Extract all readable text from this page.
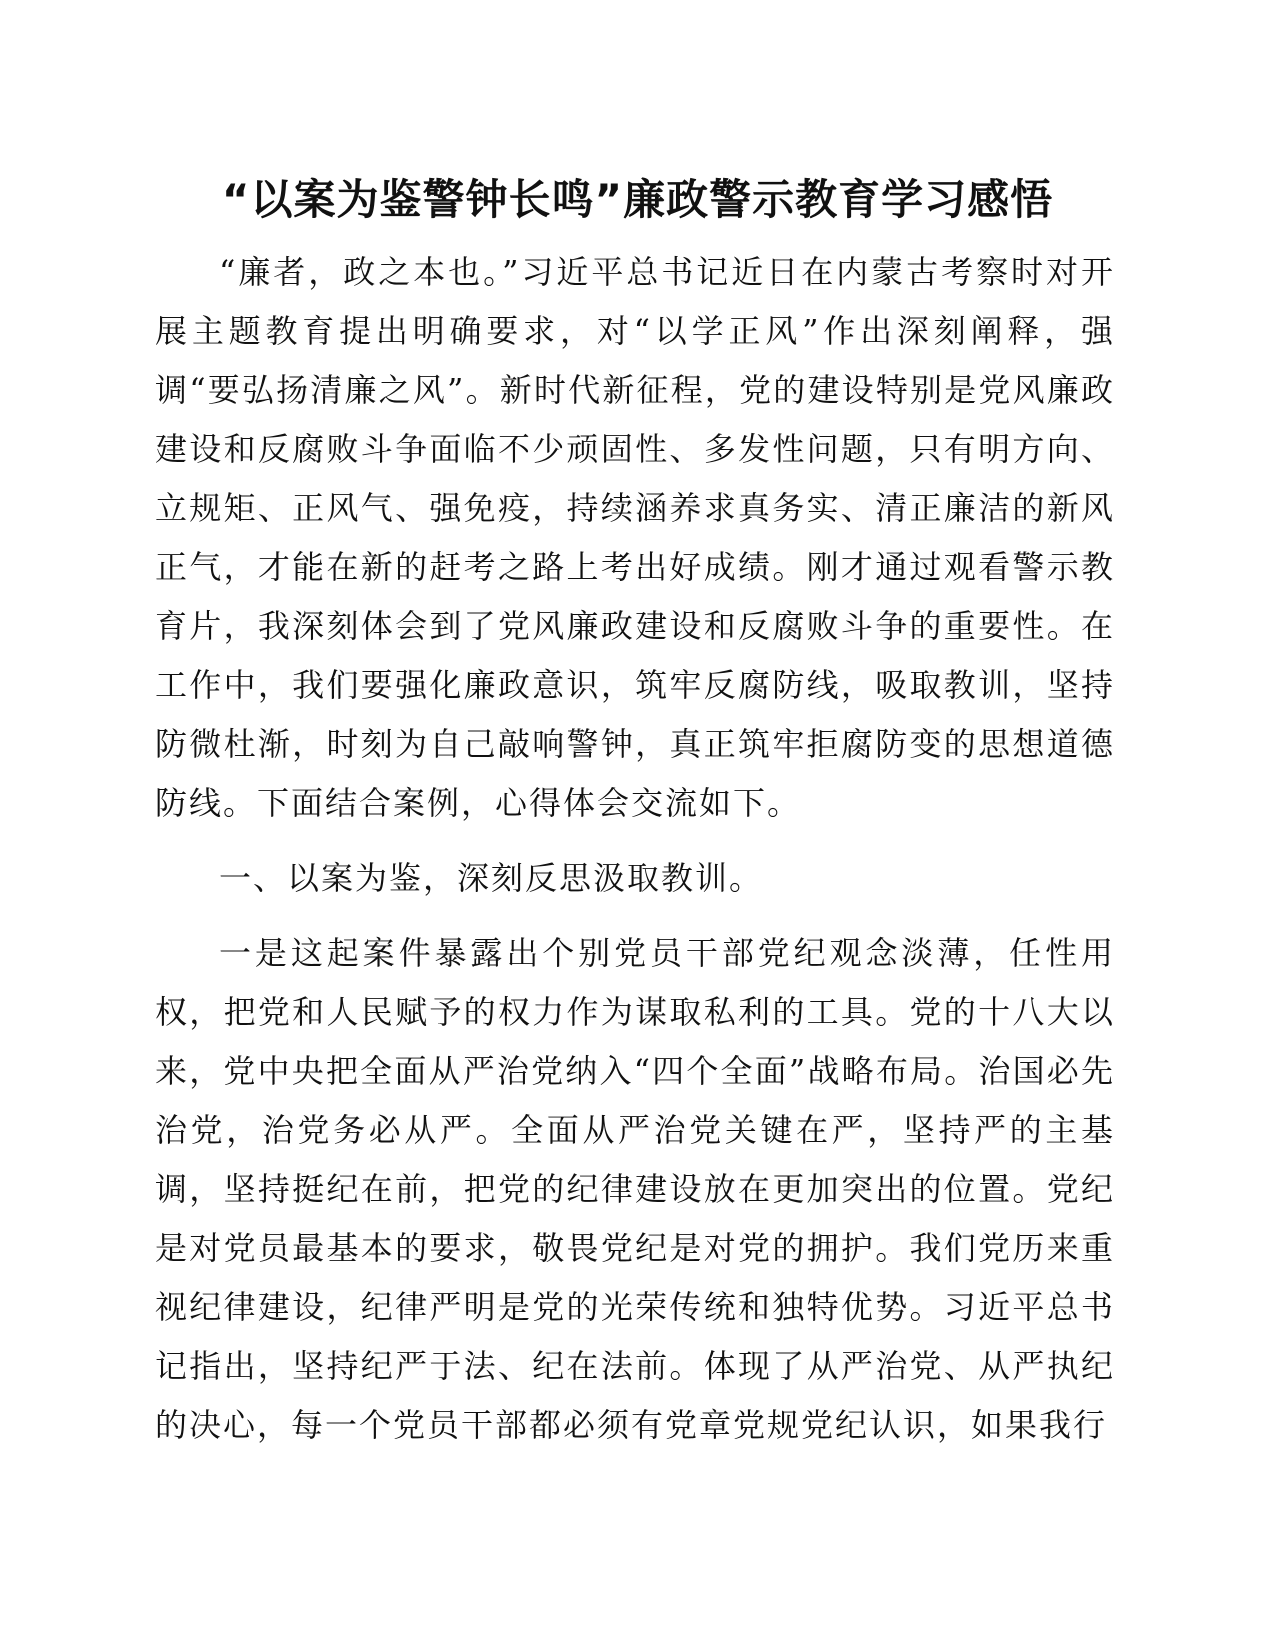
“以案为鉴警钟长鸣”廉政警示教育学习感悟

“廉者，政之本也。”习近平总书记近日在内蒙古考察时对开展主题教育提出明确要求，对“以学正风”作出深刻阐释，强调“要弘扬清廉之风”。新时代新征程，党的建设特别是党风廉政建设和反腐败斗争面临不少顽固性、多发性问题，只有明方向、立规矩、正风气、强免疫，持续涵养求真务实、清正廉洁的新风正气，才能在新的赶考之路上考出好成绩。刚才通过观看警示教育片，我深刻体会到了党风廉政建设和反腐败斗争的重要性。在工作中，我们要强化廉政意识，筑牢反腐防线，吸取教训，坚持防微杜渐，时刻为自己敲响警钟，真正筑牢拒腐防变的思想道德防线。下面结合案例，心得体会交流如下。

一、以案为鉴，深刻反思汲取教训。

一是这起案件暴露出个别党员干部党纪观念淡薄，任性用权，把党和人民赋予的权力作为谋取私利的工具。党的十八大以来，党中央把全面从严治党纳入“四个全面”战略布局。治国必先治党，治党务必从严。全面从严治党关键在严，坚持严的主基调，坚持挺纪在前，把党的纪律建设放在更加突出的位置。党纪是对党员最基本的要求，敬畏党纪是对党的拥护。我们党历来重视纪律建设，纪律严明是党的光荣传统和独特优势。习近平总书记指出，坚持纪严于法、纪在法前。体现了从严治党、从严执纪的决心，每一个党员干部都必须有党章党规党纪认识，如果我行
